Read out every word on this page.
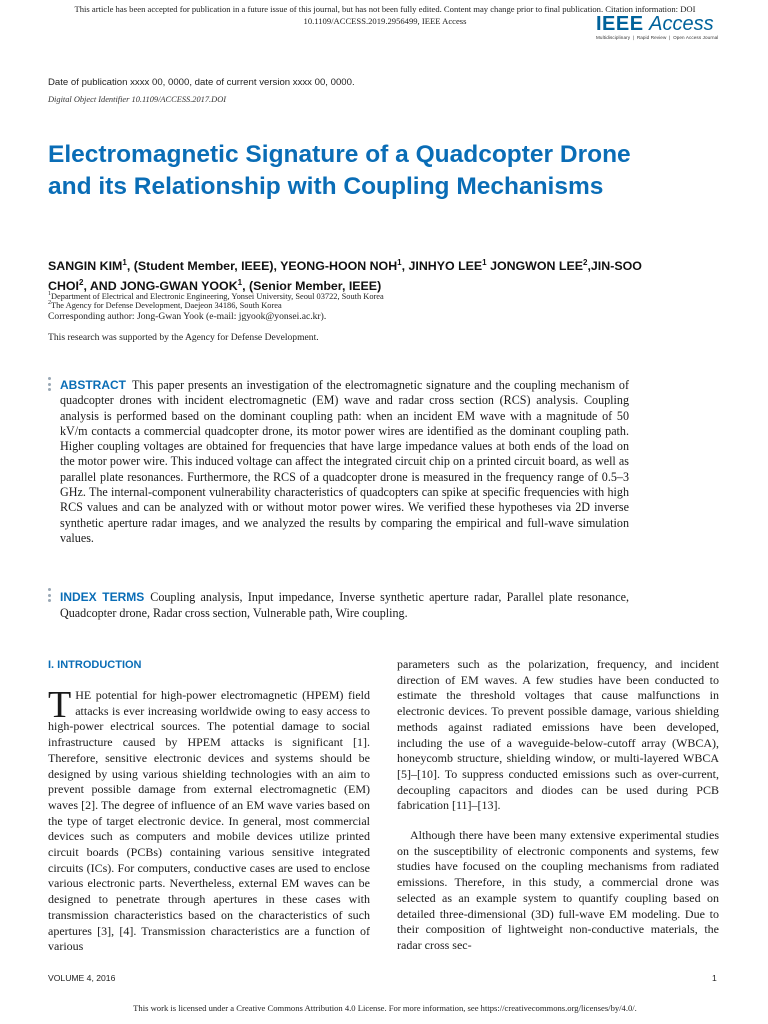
This article has been accepted for publication in a future issue of this journal, but has not been fully edited. Content may change prior to final publication. Citation information: DOI
10.1109/ACCESS.2019.2956499, IEEE Access	IEEE Access
Multidisciplinary ❘ Rapid Review ❘ Open Access Journal
Date of publication xxxx 00, 0000, date of current version xxxx 00, 0000.
Digital Object Identifier 10.1109/ACCESS.2017.DOI
Electromagnetic Signature of a Quadcopter Drone and its Relationship with Coupling Mechanisms
SANGIN KIM$^1$, (Student Member, IEEE), YEONG-HOON NOH$^1$, JINHYO LEE$^1$ JONGWON LEE$^2$,JIN-SOO CHOI$^2$, AND JONG-GWAN YOOK$^1$, (Senior Member, IEEE)
$^1$Department of Electrical and Electronic Engineering, Yonsei University, Seoul 03722, South Korea
$^2$The Agency for Defense Development, Daejeon 34186, South Korea
Corresponding author: Jong-Gwan Yook (e-mail: jgyook@yonsei.ac.kr).
This research was supported by the Agency for Defense Development.
ABSTRACT This paper presents an investigation of the electromagnetic signature and the coupling mechanism of quadcopter drones with incident electromagnetic (EM) wave and radar cross section (RCS) analysis. Coupling analysis is performed based on the dominant coupling path: when an incident EM wave with a magnitude of 50 kV/m contacts a commercial quadcopter drone, its motor power wires are identified as the dominant coupling path. Higher coupling voltages are obtained for frequencies that have large impedance values at both ends of the load on the motor power wire. This induced voltage can affect the integrated circuit chip on a printed circuit board, as well as parallel plate resonances. Furthermore, the RCS of a quadcopter drone is measured in the frequency range of 0.5–3 GHz. The internal-component vulnerability characteristics of quadcopters can spike at specific frequencies with high RCS values and can be analyzed with or without motor power wires. We verified these hypotheses via 2D inverse synthetic aperture radar images, and we analyzed the results by comparing the empirical and full-wave simulation values.
INDEX TERMS Coupling analysis, Input impedance, Inverse synthetic aperture radar, Parallel plate resonance, Quadcopter drone, Radar cross section, Vulnerable path, Wire coupling.
I. INTRODUCTION
THE potential for high-power electromagnetic (HPEM) field attacks is ever increasing worldwide owing to easy access to high-power electrical sources. The potential damage to social infrastructure caused by HPEM attacks is significant [1]. Therefore, sensitive electronic devices and systems should be designed by using various shielding technologies with an aim to prevent possible damage from external electromagnetic (EM) waves [2]. The degree of influence of an EM wave varies based on the type of target electronic device. In general, most commercial devices such as computers and mobile devices utilize printed circuit boards (PCBs) containing various sensitive integrated circuits (ICs). For computers, conductive cases are used to enclose various electronic parts. Nevertheless, external EM waves can be designed to penetrate through apertures in these cases with transmission characteristics based on the characteristics of such apertures [3], [4]. Transmission characteristics are a function of various
parameters such as the polarization, frequency, and incident direction of EM waves. A few studies have been conducted to estimate the threshold voltages that cause malfunctions in electronic devices. To prevent possible damage, various shielding methods against radiated emissions have been developed, including the use of a waveguide-below-cutoff array (WBCA), honeycomb structure, shielding window, or multi-layered WBCA [5]–[10]. To suppress conducted emissions such as over-current, decoupling capacitors and diodes can be used during PCB fabrication [11]–[13].
Although there have been many extensive experimental studies on the susceptibility of electronic components and systems, few studies have focused on the coupling mechanisms from radiated emissions. Therefore, in this study, a commercial drone was selected as an example system to quantify coupling based on detailed three-dimensional (3D) full-wave EM modeling. Due to their composition of lightweight non-conductive materials, the radar cross sec-
VOLUME 4, 2016	1
This work is licensed under a Creative Commons Attribution 4.0 License. For more information, see https://creativecommons.org/licenses/by/4.0/.
